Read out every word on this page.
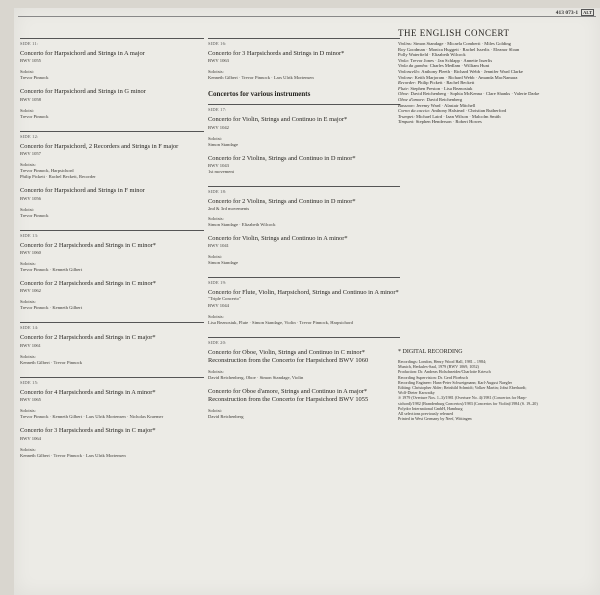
413 073-1 ALT
SIDE 11:
Concerto for Harpsichord and Strings in A major
BWV 1055
Soloist:
Trevor Pinnock
Concerto for Harpsichord and Strings in G minor
BWV 1058
Soloist:
Trevor Pinnock
SIDE 12:
Concerto for Harpsichord, 2 Recorders and Strings in F major
BWV 1057
Soloists:
Trevor Pinnock, Harpsichord
Philip Pickett · Rachel Beckett, Recorder
Concerto for Harpsichord and Strings in F minor
BWV 1056
Soloist:
Trevor Pinnock
SIDE 13:
Concerto for 2 Harpsichords and Strings in C minor*
BWV 1060
Soloists:
Trevor Pinnock · Kenneth Gilbert
Concerto for 2 Harpsichords and Strings in C minor*
BWV 1062
Soloists:
Trevor Pinnock · Kenneth Gilbert
SIDE 14:
Concerto for 2 Harpsichords and Strings in C major*
BWV 1061
Soloists:
Kenneth Gilbert · Trevor Pinnock
SIDE 15:
Concerto for 4 Harpsichords and Strings in A minor*
BWV 1065
Soloists:
Trevor Pinnock · Kenneth Gilbert · Lars Ulrik Mortensen · Nicholas Kraemer
Concerto for 3 Harpsichords and Strings in C major*
BWV 1064
Soloists:
Kenneth Gilbert · Trevor Pinnock · Lars Ulrik Mortensen
SIDE 16:
Concerto for 3 Harpsichords and Strings in D minor*
BWV 1063
Soloists:
Kenneth Gilbert · Trevor Pinnock · Lars Ulrik Mortensen
Concertos for various instruments
SIDE 17:
Concerto for Violin, Strings and Continuo in E major*
BWV 1042
Soloist:
Simon Standage
Concerto for 2 Violins, Strings and Continuo in D minor*
BWV 1043
1st movement
SIDE 18:
Concerto for 2 Violins, Strings and Continuo in D minor*
2nd & 3rd movements
Soloists:
Simon Standage · Elizabeth Wilcock
Concerto for Violin, Strings and Continuo in A minor*
BWV 1041
Soloist:
Simon Standage
SIDE 19:
Concerto for Flute, Violin, Harpsichord, Strings and Continuo in A minor*
"Triple Concerto"
BWV 1044
Soloists:
Lisa Beznosiuk, Flute · Simon Standage, Violin · Trevor Pinnock, Harpsichord
SIDE 20:
Concerto for Oboe, Violin, Strings and Continuo in C minor*
Reconstruction from the Concerto for Harpsichord BWV 1060
Soloists:
David Reichenberg, Oboe · Simon Standage, Violin
Concerto for Oboe d'amore, Strings and Continuo in A major*
Reconstruction from the Concerto for Harpsichord BWV 1055
Soloist:
David Reichenberg
THE ENGLISH CONCERT
Violins: Simon Standage · Micaela Comberti · Miles Golding
Roy Goodman · Monica Huggett · Rachel Isserlis · Eleanor Sloan
Polly Waterfield · Elizabeth Wilcock
Viola: Trevor Jones · Jan Schlapp · Annette Isserlis
Viola da gamba: Charles Medlam · William Hunt
Violoncello: Anthony Pleeth · Richard Webb · Jennifer Ward Clarke
Violone: Keith Marjoram · Richard Webb · Amanda MacNamara
Recorder: Philip Pickett · Rachel Beckett
Flute: Stephen Preston · Lisa Beznosiuk
Oboe: David Reichenberg · Sophia McKenna · Clare Shanks · Valerie Darke
Oboe d'amore: David Reichenberg
Bassoon: Jeremy Ward · Alastair Mitchell
Corno da caccia: Anthony Halstead · Christian Rutherford
Trumpet: Michael Laird · Iaan Wilson · Malcolm Smith
Timpani: Stephen Henderson · Robert Howes
* DIGITAL RECORDING
Recordings: London, Henry Wood Hall, 1981 – 1984;
Munich, Herkules-Saal, 1979 (BWV 1069, 1052)
Production: Dr. Andreas Holschneider/Charlotte Kriesch
Recording Supervision: Dr. Gerd Ploebsch
Recording Engineer: Hans-Peter Schweigmann; Karl-August Naegler
Editing: Christopher Alder; Reinhild Schmidt; Volker Martin; Jobst Eberhardt;
Wolf-Dieter Karwatky
℗ 1979 (Overture Nos. 1–3)/1981 (Overture No. 4)/1981 (Concertos for Harp-
sichord)/1982 (Brandenburg Concertos)/1983 (Concertos for Violin)/1984 (S. 19–20)
Polydor International GmbH, Hamburg
All selections previously released
Printed in West Germany by Neef, Wittingen
